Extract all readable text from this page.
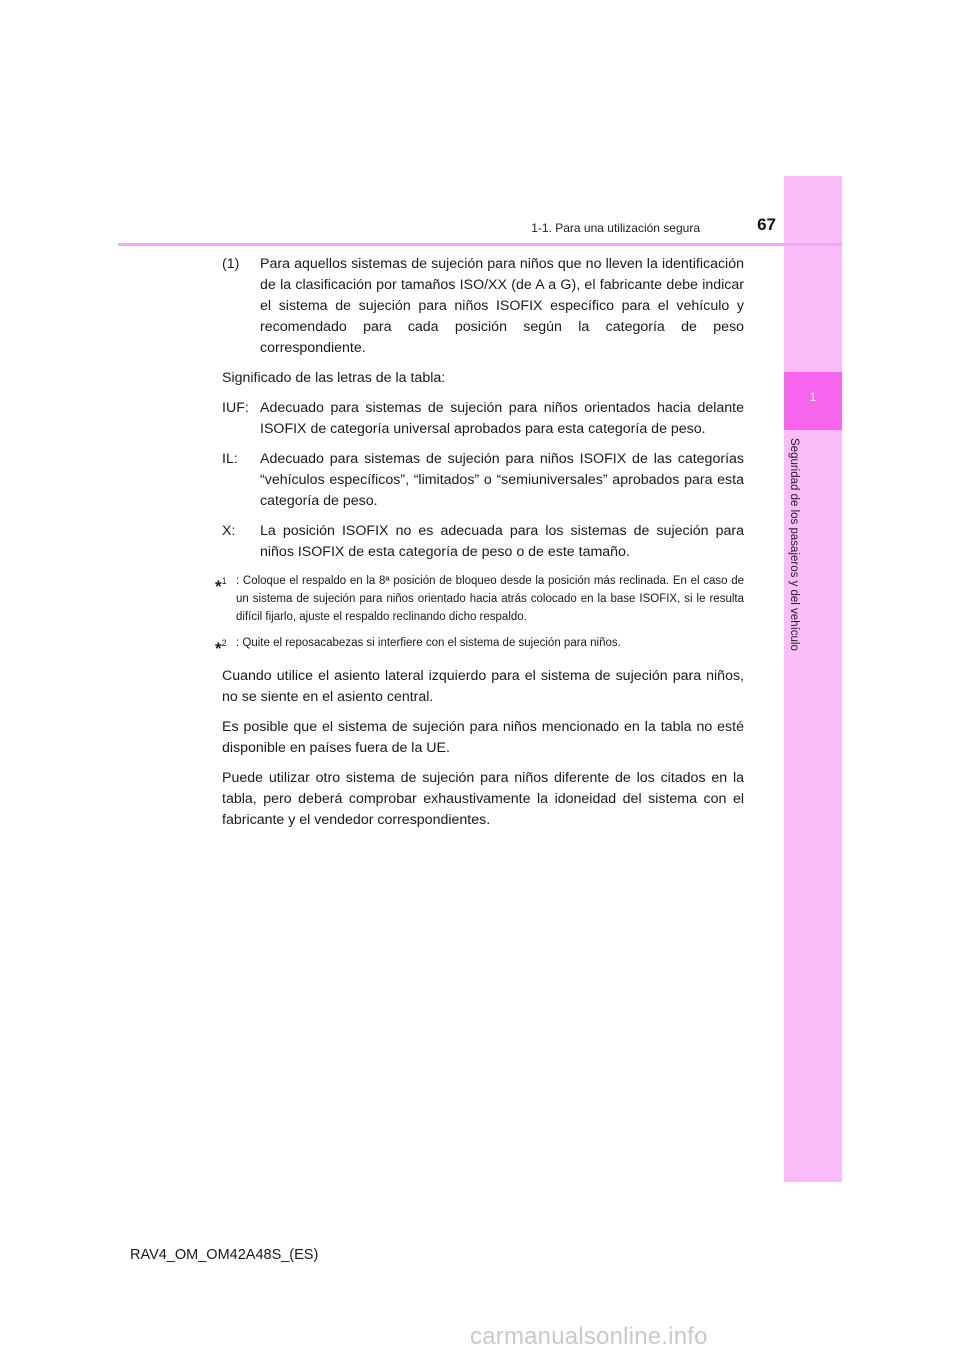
1
Seguridad de los pasajeros y del vehículo
1-1. Para una utilización segura	67
(1)	Para aquellos sistemas de sujeción para niños que no lleven la identificación de la clasificación por tamaños ISO/XX (de A a G), el fabricante debe indicar el sistema de sujeción para niños ISOFIX específico para el vehículo y recomendado para cada posición según la categoría de peso correspondiente.

Significado de las letras de la tabla:

IUF: Adecuado para sistemas de sujeción para niños orientados hacia delante ISOFIX de categoría universal aprobados para esta categoría de peso.
IL:	Adecuado para sistemas de sujeción para niños ISOFIX de las categorías “vehículos específicos”, “limitados” o “semiuniversales” aprobados para esta categoría de peso.
X:	La posición ISOFIX no es adecuada para los sistemas de sujeción para niños ISOFIX de esta categoría de peso o de este tamaño.
*$^1$ : Coloque el respaldo en la 8ª posición de bloqueo desde la posición más reclinada. En el caso de un sistema de sujeción para niños orientado hacia atrás colocado en la base ISOFIX, si le resulta difícil fijarlo, ajuste el respaldo reclinando dicho respaldo.
*$^2$ : Quite el reposacabezas si interfiere con el sistema de sujeción para niños.

Cuando utilice el asiento lateral izquierdo para el sistema de sujeción para niños, no se siente en el asiento central.

Es posible que el sistema de sujeción para niños mencionado en la tabla no esté disponible en países fuera de la UE.

Puede utilizar otro sistema de sujeción para niños diferente de los citados en la tabla, pero deberá comprobar exhaustivamente la idoneidad del sistema con el fabricante y el vendedor correspondientes.

RAV4_OM_OM42A48S_(ES)
carmanualsonline.info
